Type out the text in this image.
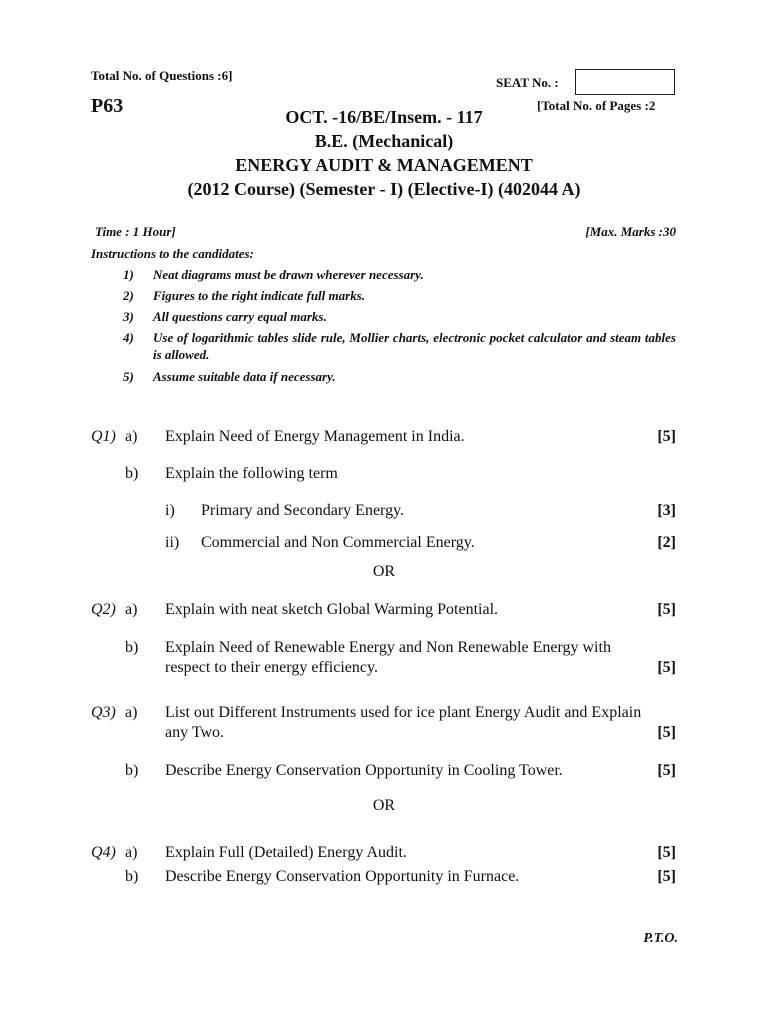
Total No. of Questions :6]	SEAT No. :
P63	[Total No. of Pages :2
OCT. -16/BE/Insem. - 117
B.E. (Mechanical)
ENERGY AUDIT & MANAGEMENT
(2012 Course) (Semester - I) (Elective-I) (402044 A)
Time : 1 Hour]	[Max. Marks :30
Instructions to the candidates:
1)	Neat diagrams must be drawn wherever necessary.
2)	Figures to the right indicate full marks.
3)	All questions carry equal marks.
4)	Use of logarithmic tables slide rule, Mollier charts, electronic pocket calculator and steam tables is allowed.
5)	Assume suitable data if necessary.
Q1) a)	Explain Need of Energy Management in India.	[5]
b)	Explain the following term
i) Primary and Secondary Energy.	[3]
ii) Commercial and Non Commercial Energy.	[2]
OR
Q2) a)	Explain with neat sketch Global Warming Potential.	[5]
b)	Explain Need of Renewable Energy and Non Renewable Energy with
respect to their energy efficiency.	[5]
Q3) a)	List out Different Instruments used for ice plant Energy Audit and Explain
any Two.	[5]
b)	Describe Energy Conservation Opportunity in Cooling Tower.	[5]
OR
Q4) a)	Explain Full (Detailed) Energy Audit.	[5]
b)	Describe Energy Conservation Opportunity in Furnace.	[5]
P.T.O.
